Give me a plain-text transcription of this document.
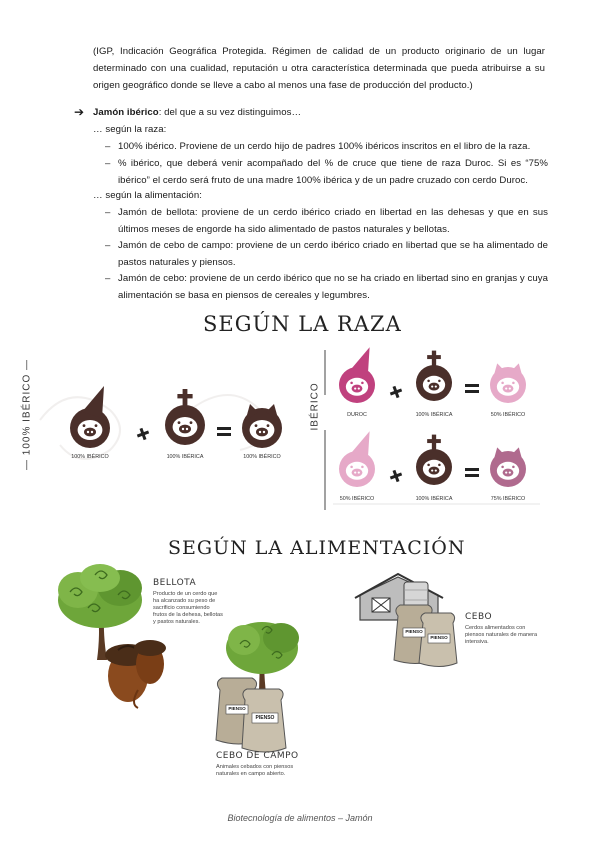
(IGP, Indicación Geográfica Protegida. Régimen de calidad de un producto originario de un lugar determinado con una cualidad, reputación u otra característica determinada que pueda atribuirse a su origen geográfico donde se lleve a cabo al menos una fase de producción del producto.)
➔ Jamón ibérico: del que a su vez distinguimos…
… según la raza:
– 100% ibérico. Proviene de un cerdo hijo de padres 100% ibéricos inscritos en el libro de la raza.
– % ibérico, que deberá venir acompañado del % de cruce que tiene de raza Duroc. Si es “75% ibérico” el cerdo será fruto de una madre 100% ibérica y de un padre cruzado con cerdo Duroc.
… según la alimentación:
– Jamón de bellota: proviene de un cerdo ibérico criado en libertad en las dehesas y que en sus últimos meses de engorde ha sido alimentado de pastos naturales y bellotas.
– Jamón de cebo de campo: proviene de un cerdo ibérico criado en libertad que se ha alimentado de pastos naturales y piensos.
– Jamón de cebo: proviene de un cerdo ibérico que no se ha criado en libertad sino en granjas y cuya alimentación se basa en piensos de cereales y legumbres.
SEGÚN LA RAZA
— 100% IBÉRICO —	100% IBÉRICO	100% IBÉRICA	100% IBÉRICO
IBÉRICO	DUROC	100% IBÉRICA	50% IBÉRICO
50% IBÉRICO	100% IBÉRICA	75% IBÉRICO
SEGÚN LA ALIMENTACIÓN
PIENSO
PIENSO
PIENSO
PIENSO
BELLOTA
Producto de un cerdo que ha alcanzado su peso de sacrificio consumiendo frutos de la dehesa, bellotas y pastos naturales.
CEBO DE CAMPO
Animales cebados con piensos naturales en campo abierto.
CEBO
Cerdos alimentados con piensos naturales de manera intensiva.
Biotecnología de alimentos – Jamón
